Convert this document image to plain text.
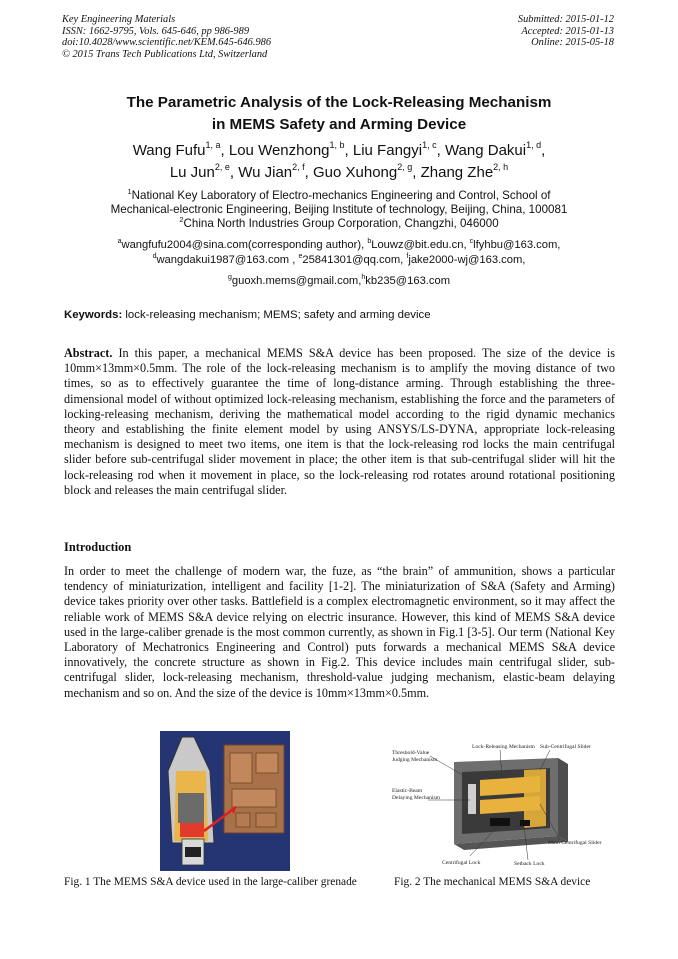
Key Engineering Materials
ISSN: 1662-9795, Vols. 645-646, pp 986-989
doi:10.4028/www.scientific.net/KEM.645-646.986
© 2015 Trans Tech Publications Ltd, Switzerland
Submitted: 2015-01-12
Accepted: 2015-01-13
Online: 2015-05-18
The Parametric Analysis of the Lock-Releasing Mechanism
in MEMS Safety and Arming Device
Wang Fufu$^{1, a}$, Lou Wenzhong$^{1, b}$, Liu Fangyi$^{1, c}$, Wang Dakui$^{1, d}$,
Lu Jun$^{2, e}$, Wu Jian$^{2, f}$, Guo Xuhong$^{2, g}$, Zhang Zhe$^{2, h}$
$^1$National Key Laboratory of Electro-mechanics Engineering and Control, School of
Mechanical-electronic Engineering, Beijing Institute of technology, Beijing, China, 100081
$^2$China North Industries Group Corporation, Changzhi, 046000
$^a$wangfufu2004@sina.com(corresponding author), $^b$Louwz@bit.edu.cn, $^c$lfyhbu@163.com,
$^d$wangdakui1987@163.com , $^e$25841301@qq.com, $^f$jake2000-wj@163.com,
$^g$guoxh.mems@gmail.com,$^h$kb235@163.com
Keywords: lock-releasing mechanism; MEMS; safety and arming device
Abstract. In this paper, a mechanical MEMS S&A device has been proposed. The size of the device is 10mm×13mm×0.5mm. The role of the lock-releasing mechanism is to amplify the moving distance of two times, so as to effectively guarantee the time of long-distance arming. Through establishing the three-dimensional model of without optimized lock-releasing mechanism, establishing the force and the parameters of locking-releasing mechanism, deriving the mathematical model according to the rigid dynamic mechanics theory and establishing the finite element model by using ANSYS/LS-DYNA, appropriate lock-releasing mechanism is designed to meet two items, one item is that the lock-releasing rod locks the main centrifugal slider before sub-centrifugal slider movement in place; the other item is that sub-centrifugal slider will hit the lock-releasing rod when it movement in place, so the lock-releasing rod rotates around rotational positioning block and releases the main centrifugal slider.
Introduction
In order to meet the challenge of modern war, the fuze, as “the brain” of ammunition, shows a particular tendency of miniaturization, intelligent and facility [1-2]. The miniaturization of S&A (Safety and Arming) device takes priority over other tasks. Battlefield is a complex electromagnetic environment, so it may affect the reliable work of MEMS S&A device relying on electric insurance. However, this kind of MEMS S&A device used in the large-caliber grenade is the most common currently, as shown in Fig.1 [3-5]. Our term (National Key Laboratory of Mechatronics Engineering and Control) puts forwards a mechanical MEMS S&A device innovatively, the concrete structure as shown in Fig.2. This device includes main centrifugal slider, sub-centrifugal slider, lock-releasing mechanism, threshold-value judging mechanism, elastic-beam delaying mechanism and so on. And the size of the device is 10mm×13mm×0.5mm.
Lock-Releasing Mechanism Sub-Centrifugal Slider
Threshold-Value
Judging Mechanism
Elastic-Beam
Delaying Mechanism
Main Centrifugal Slider
Centrifugal Lock	Setback Lock
Fig. 1 The MEMS S&A device used in the large-caliber grenade	Fig. 2 The mechanical MEMS S&A device
